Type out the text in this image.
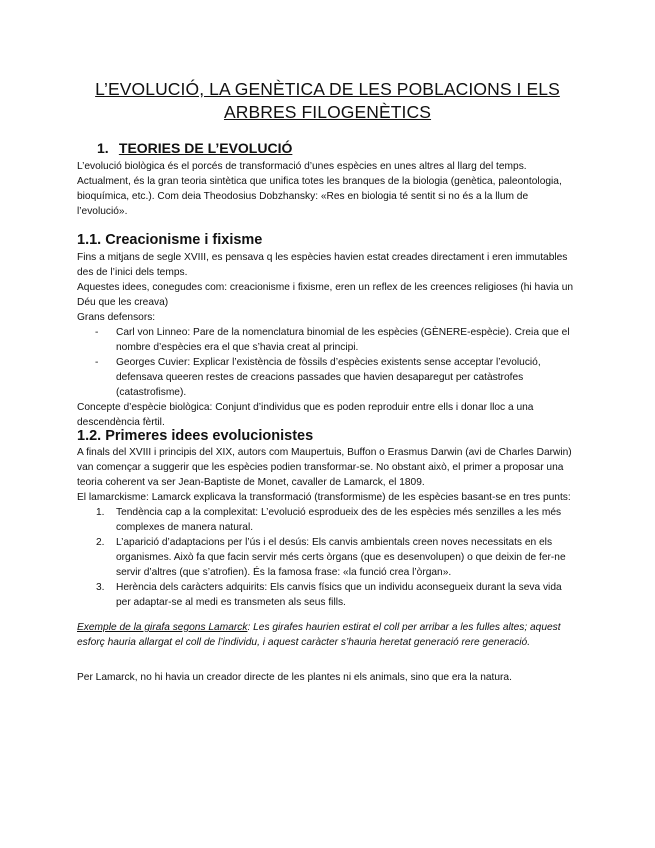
L’EVOLUCIÓ, LA GENÈTICA DE LES POBLACIONS I ELS ARBRES FILOGENÈTICS
1. TEORIES DE L’EVOLUCIÓ

L’evolució biològica és el porcés de transformació d’unes espècies en unes altres al llarg del temps. Actualment, és la gran teoria sintètica que unifica totes les branques de la biologia (genètica, paleontologia, bioquímica, etc.). Com deia Theodosius Dobzhansky: «Res en biologia té sentit si no és a la llum de l’evolució».

1.1. Creacionisme i fixisme

Fins a mitjans de segle XVIII, es pensava q les espècies havien estat creades directament i eren immutables des de l’inici dels temps.

Aquestes idees, conegudes com: creacionisme i fixisme, eren un reflex de les creences religioses (hi havia un Déu que les creava)

Grans defensors:

- Carl von Linneo: Pare de la nomenclatura binomial de les espècies (GÈNERE-espècie). Creia que el nombre d’espècies era el que s’havia creat al principi.
- Georges Cuvier: Explicar l’existència de fòssils d’espècies existents sense acceptar l’evolució, defensava queeren restes de creacions passades que havien desaparegut per catàstrofes (catastrofisme).

Concepte d’espècie biològica: Conjunt d’individus que es poden reproduir entre ells i donar lloc a una descendència fèrtil.

1.2. Primeres idees evolucionistes

A finals del XVIII i principis del XIX, autors com Maupertuis, Buffon o Erasmus Darwin (avi de Charles Darwin) van començar a suggerir que les espècies podien transformar-se. No obstant això, el primer a proposar una teoria coherent va ser Jean-Baptiste de Monet, cavaller de Lamarck, el 1809.

El lamarckisme: Lamarck explicava la transformació (transformisme) de les espècies basant-se en tres punts:

1. Tendència cap a la complexitat: L’evolució esprodueix des de les espècies més senzilles a les més complexes de manera natural.
2. L’aparició d’adaptacions per l’ús i el desús: Els canvis ambientals creen noves necessitats en els organismes. Això fa que facin servir més certs òrgans (que es desenvolupen) o que deixin de fer-ne servir d’altres (que s’atrofien). És la famosa frase: «la funció crea l’òrgan».
3. Herència dels caràcters adquirits: Els canvis físics que un individu aconsegueix durant la seva vida per adaptar-se al medi es transmeten als seus fills.

Exemple de la girafa segons Lamarck: Les girafes haurien estirat el coll per arribar a les fulles altes; aquest esforç hauria allargat el coll de l’individu, i aquest caràcter s’hauria heretat generació rere generació.

Per Lamarck, no hi havia un creador directe de les plantes ni els animals, sino que era la natura.
